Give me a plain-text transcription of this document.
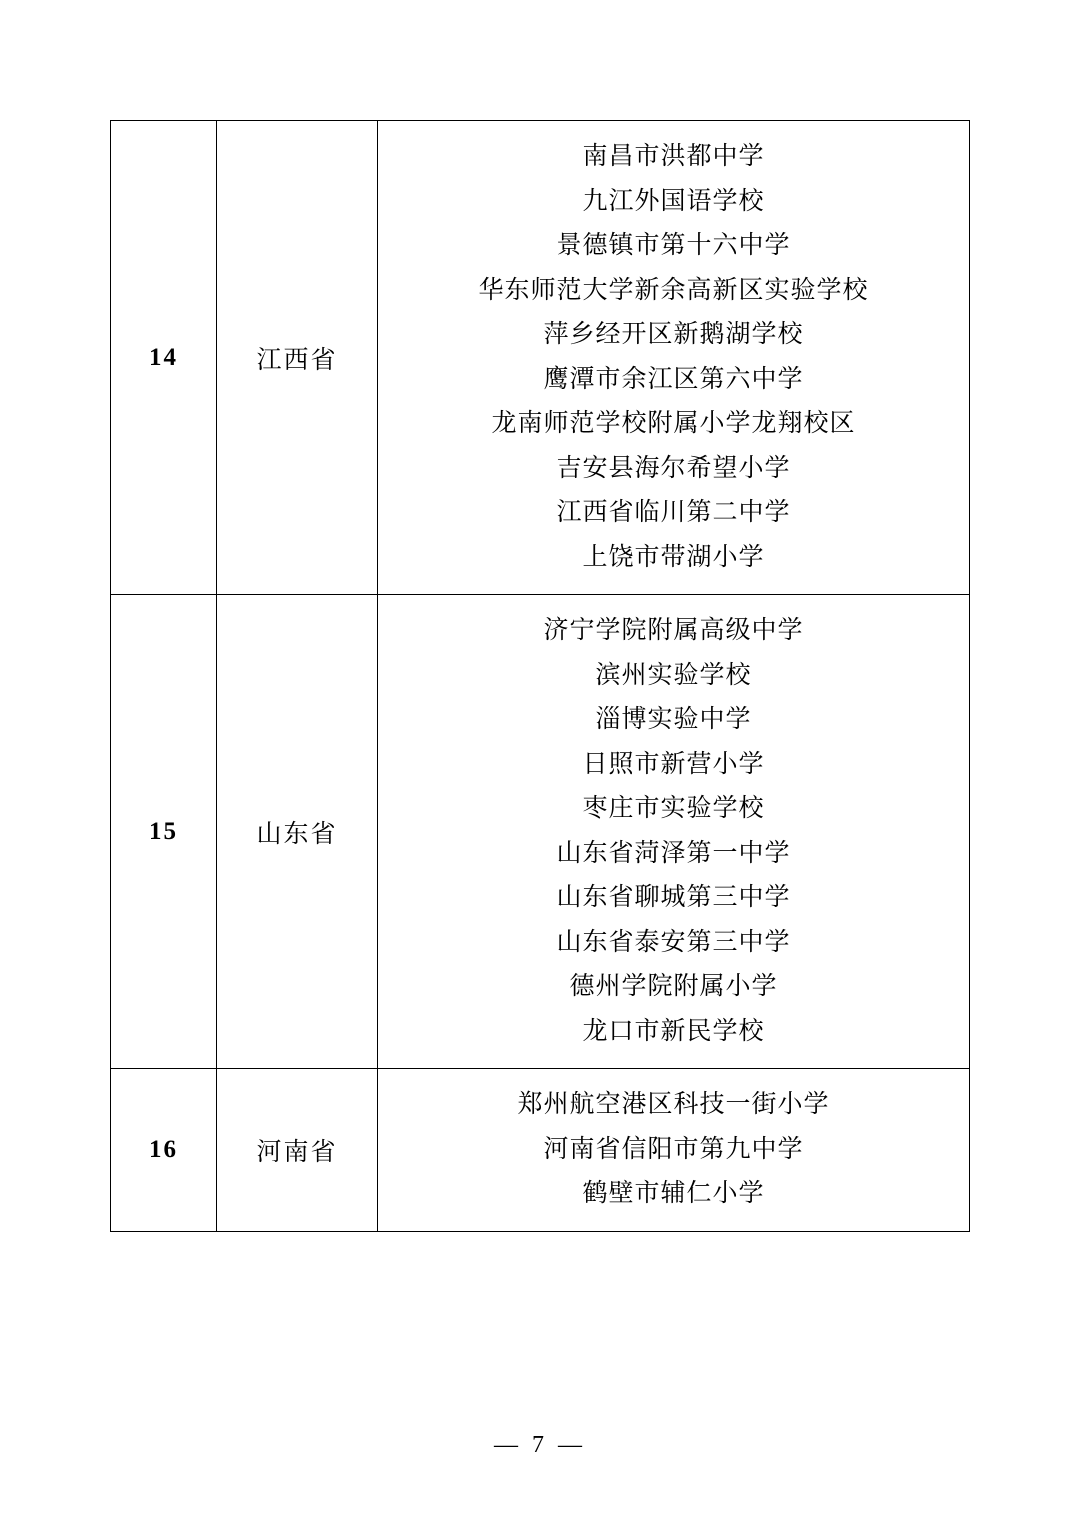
14	江西省	
南昌市洪都中学
九江外国语学校
景德镇市第十六中学
华东师范大学新余高新区实验学校
萍乡经开区新鹅湖学校
鹰潭市余江区第六中学
龙南师范学校附属小学龙翔校区
吉安县海尔希望小学
江西省临川第二中学
上饶市带湖小学

15	山东省	
济宁学院附属高级中学
滨州实验学校
淄博实验中学
日照市新营小学
枣庄市实验学校
山东省菏泽第一中学
山东省聊城第三中学
山东省泰安第三中学
德州学院附属小学
龙口市新民学校

16	河南省	
郑州航空港区科技一街小学
河南省信阳市第九中学
鹤壁市辅仁小学
— 7 —
